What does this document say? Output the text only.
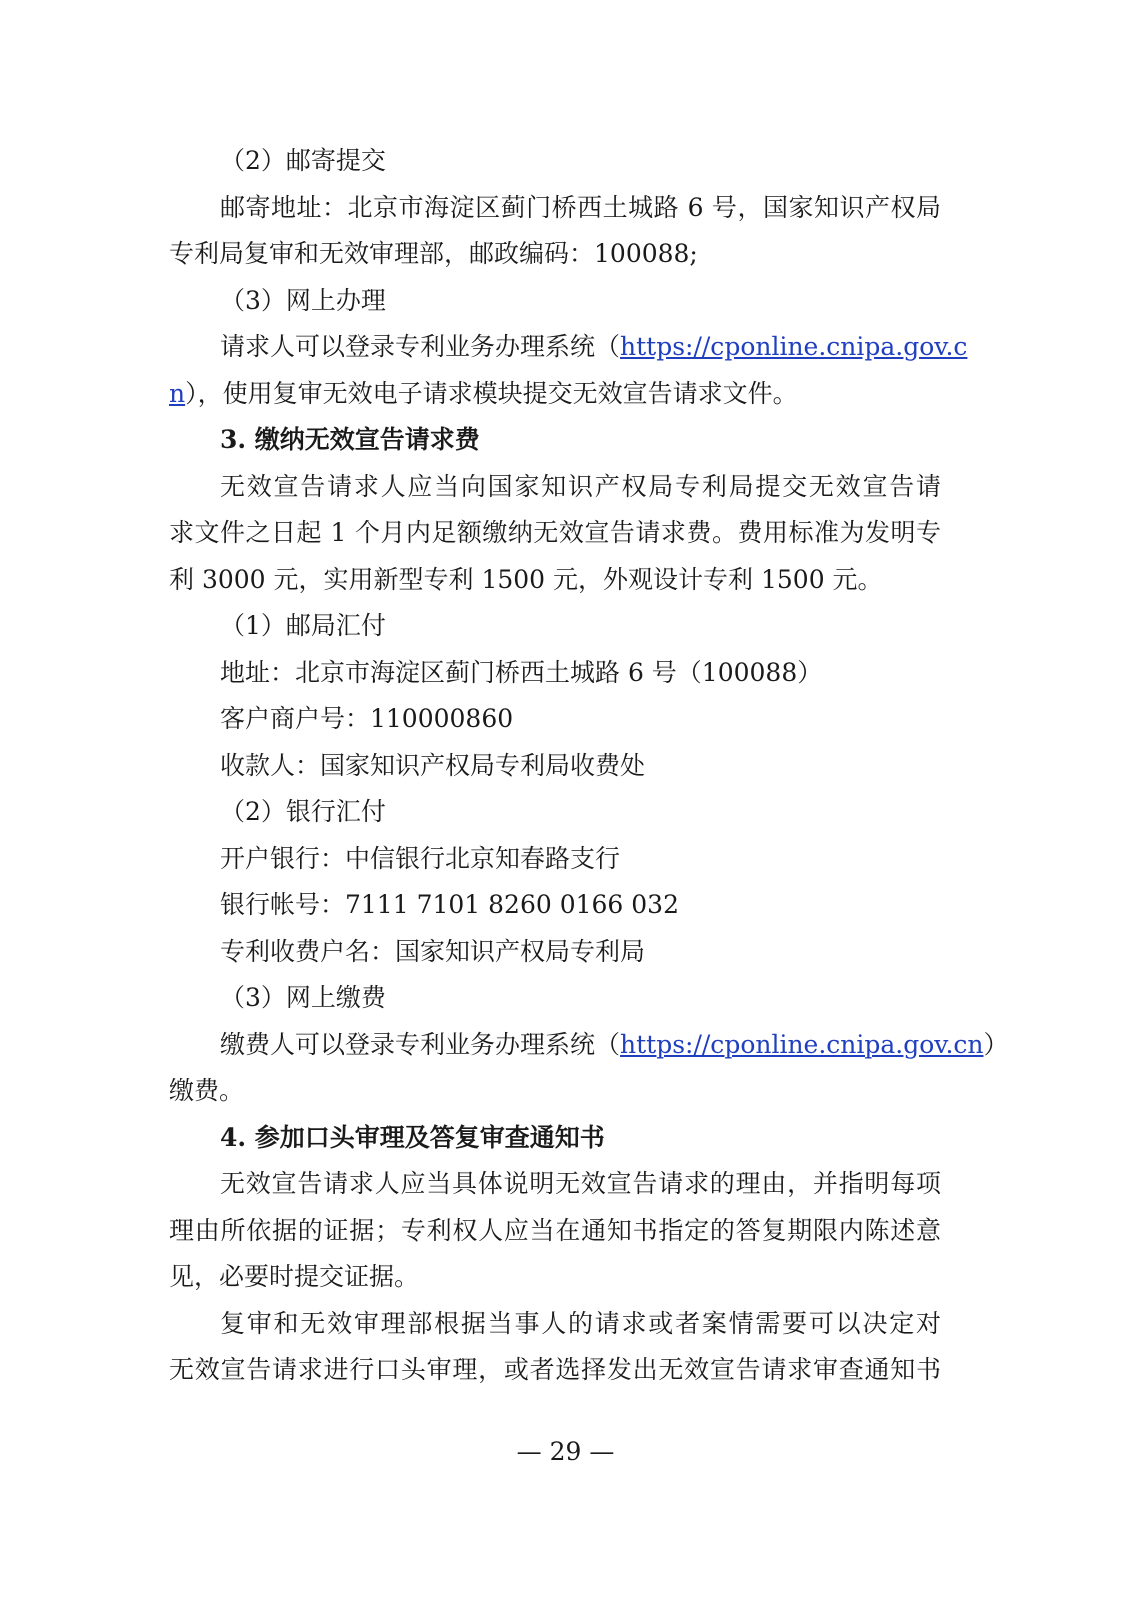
（2）邮寄提交

邮寄地址：北京市海淀区蓟门桥西土城路 6 号，国家知识产权局

专利局复审和无效审理部，邮政编码：100088;

（3）网上办理

请求人可以登录专利业务办理系统（https://cponline.cnipa.gov.c

n），使用复审无效电子请求模块提交无效宣告请求文件。

3. 缴纳无效宣告请求费

无效宣告请求人应当向国家知识产权局专利局提交无效宣告请

求文件之日起 1 个月内足额缴纳无效宣告请求费。费用标准为发明专

利 3000 元，实用新型专利 1500 元，外观设计专利 1500 元。

（1）邮局汇付

地址：北京市海淀区蓟门桥西土城路 6 号（100088）

客户商户号：110000860

收款人：国家知识产权局专利局收费处

（2）银行汇付

开户银行：中信银行北京知春路支行

银行帐号：7111 7101 8260 0166 032

专利收费户名：国家知识产权局专利局

（3）网上缴费

缴费人可以登录专利业务办理系统（https://cponline.cnipa.gov.cn）

缴费。

4. 参加口头审理及答复审查通知书

无效宣告请求人应当具体说明无效宣告请求的理由，并指明每项

理由所依据的证据；专利权人应当在通知书指定的答复期限内陈述意

见，必要时提交证据。

复审和无效审理部根据当事人的请求或者案情需要可以决定对

无效宣告请求进行口头审理，或者选择发出无效宣告请求审查通知书

— 29 —
